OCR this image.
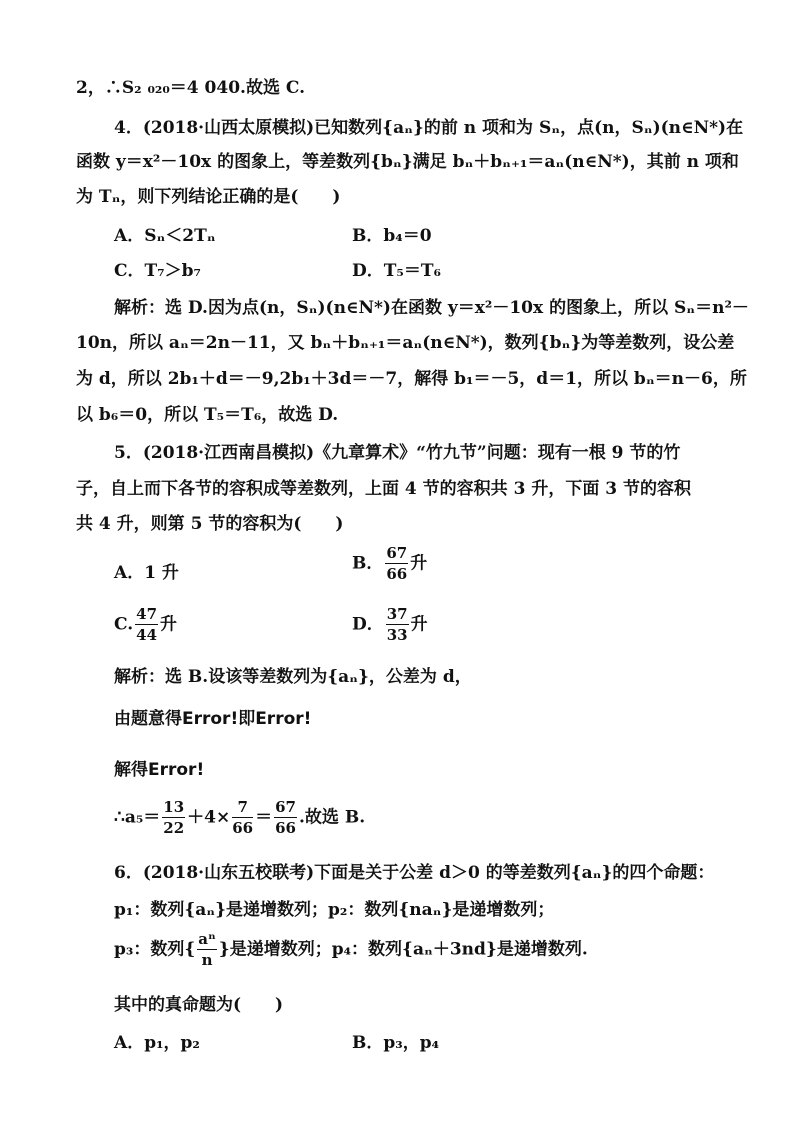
2，∴S₂ ₀₂₀＝4 040.故选 C.
4．(2018·山西太原模拟)已知数列{aₙ}的前 n 项和为 Sₙ，点(n，Sₙ)(n∈N*)在
函数 y＝x²－10x 的图象上，等差数列{bₙ}满足 bₙ＋bₙ₊₁＝aₙ(n∈N*)，其前 n 项和
为 Tₙ，则下列结论正确的是(　　)
A．Sₙ＜2Tₙ	B．b₄＝0
C．T₇＞b₇	D．T₅＝T₆
解析：选 D.因为点(n，Sₙ)(n∈N*)在函数 y＝x²－10x 的图象上，所以 Sₙ＝n²－
10n，所以 aₙ＝2n－11，又 bₙ＋bₙ₊₁＝aₙ(n∈N*)，数列{bₙ}为等差数列，设公差
为 d，所以 2b₁＋d＝－9,2b₁＋3d＝－7，解得 b₁＝－5，d＝1，所以 bₙ＝n－6，所
以 b₆＝0，所以 T₅＝T₆，故选 D.
5．(2018·江西南昌模拟)《九章算术》“竹九节”问题：现有一根 9 节的竹
子，自上而下各节的容积成等差数列，上面 4 节的容积共 3 升，下面 3 节的容积
共 4 升，则第 5 节的容积为(　　)
A．1 升	B． $\frac{67}{66}$ 升
C. $\frac{47}{44}$ 升	D． $\frac{37}{33}$ 升
解析：选 B.设该等差数列为{aₙ}，公差为 d，
由题意得Error!即Error!
解得Error!
∴a₅＝ $\frac{13}{22} +4\times \frac{7}{66} = \frac{67}{66}$ .故选 B.
6．(2018·山东五校联考)下面是关于公差 d＞0 的等差数列{aₙ}的四个命题：
p₁：数列{aₙ}是递增数列；p₂：数列{naₙ}是递增数列；
p₃：数列{ $\frac{\text{aⁿ}}{n}$ }是递增数列；p₄：数列{aₙ＋3nd}是递增数列.
其中的真命题为(　　)
A．p₁，p₂	B．p₃，p₄
